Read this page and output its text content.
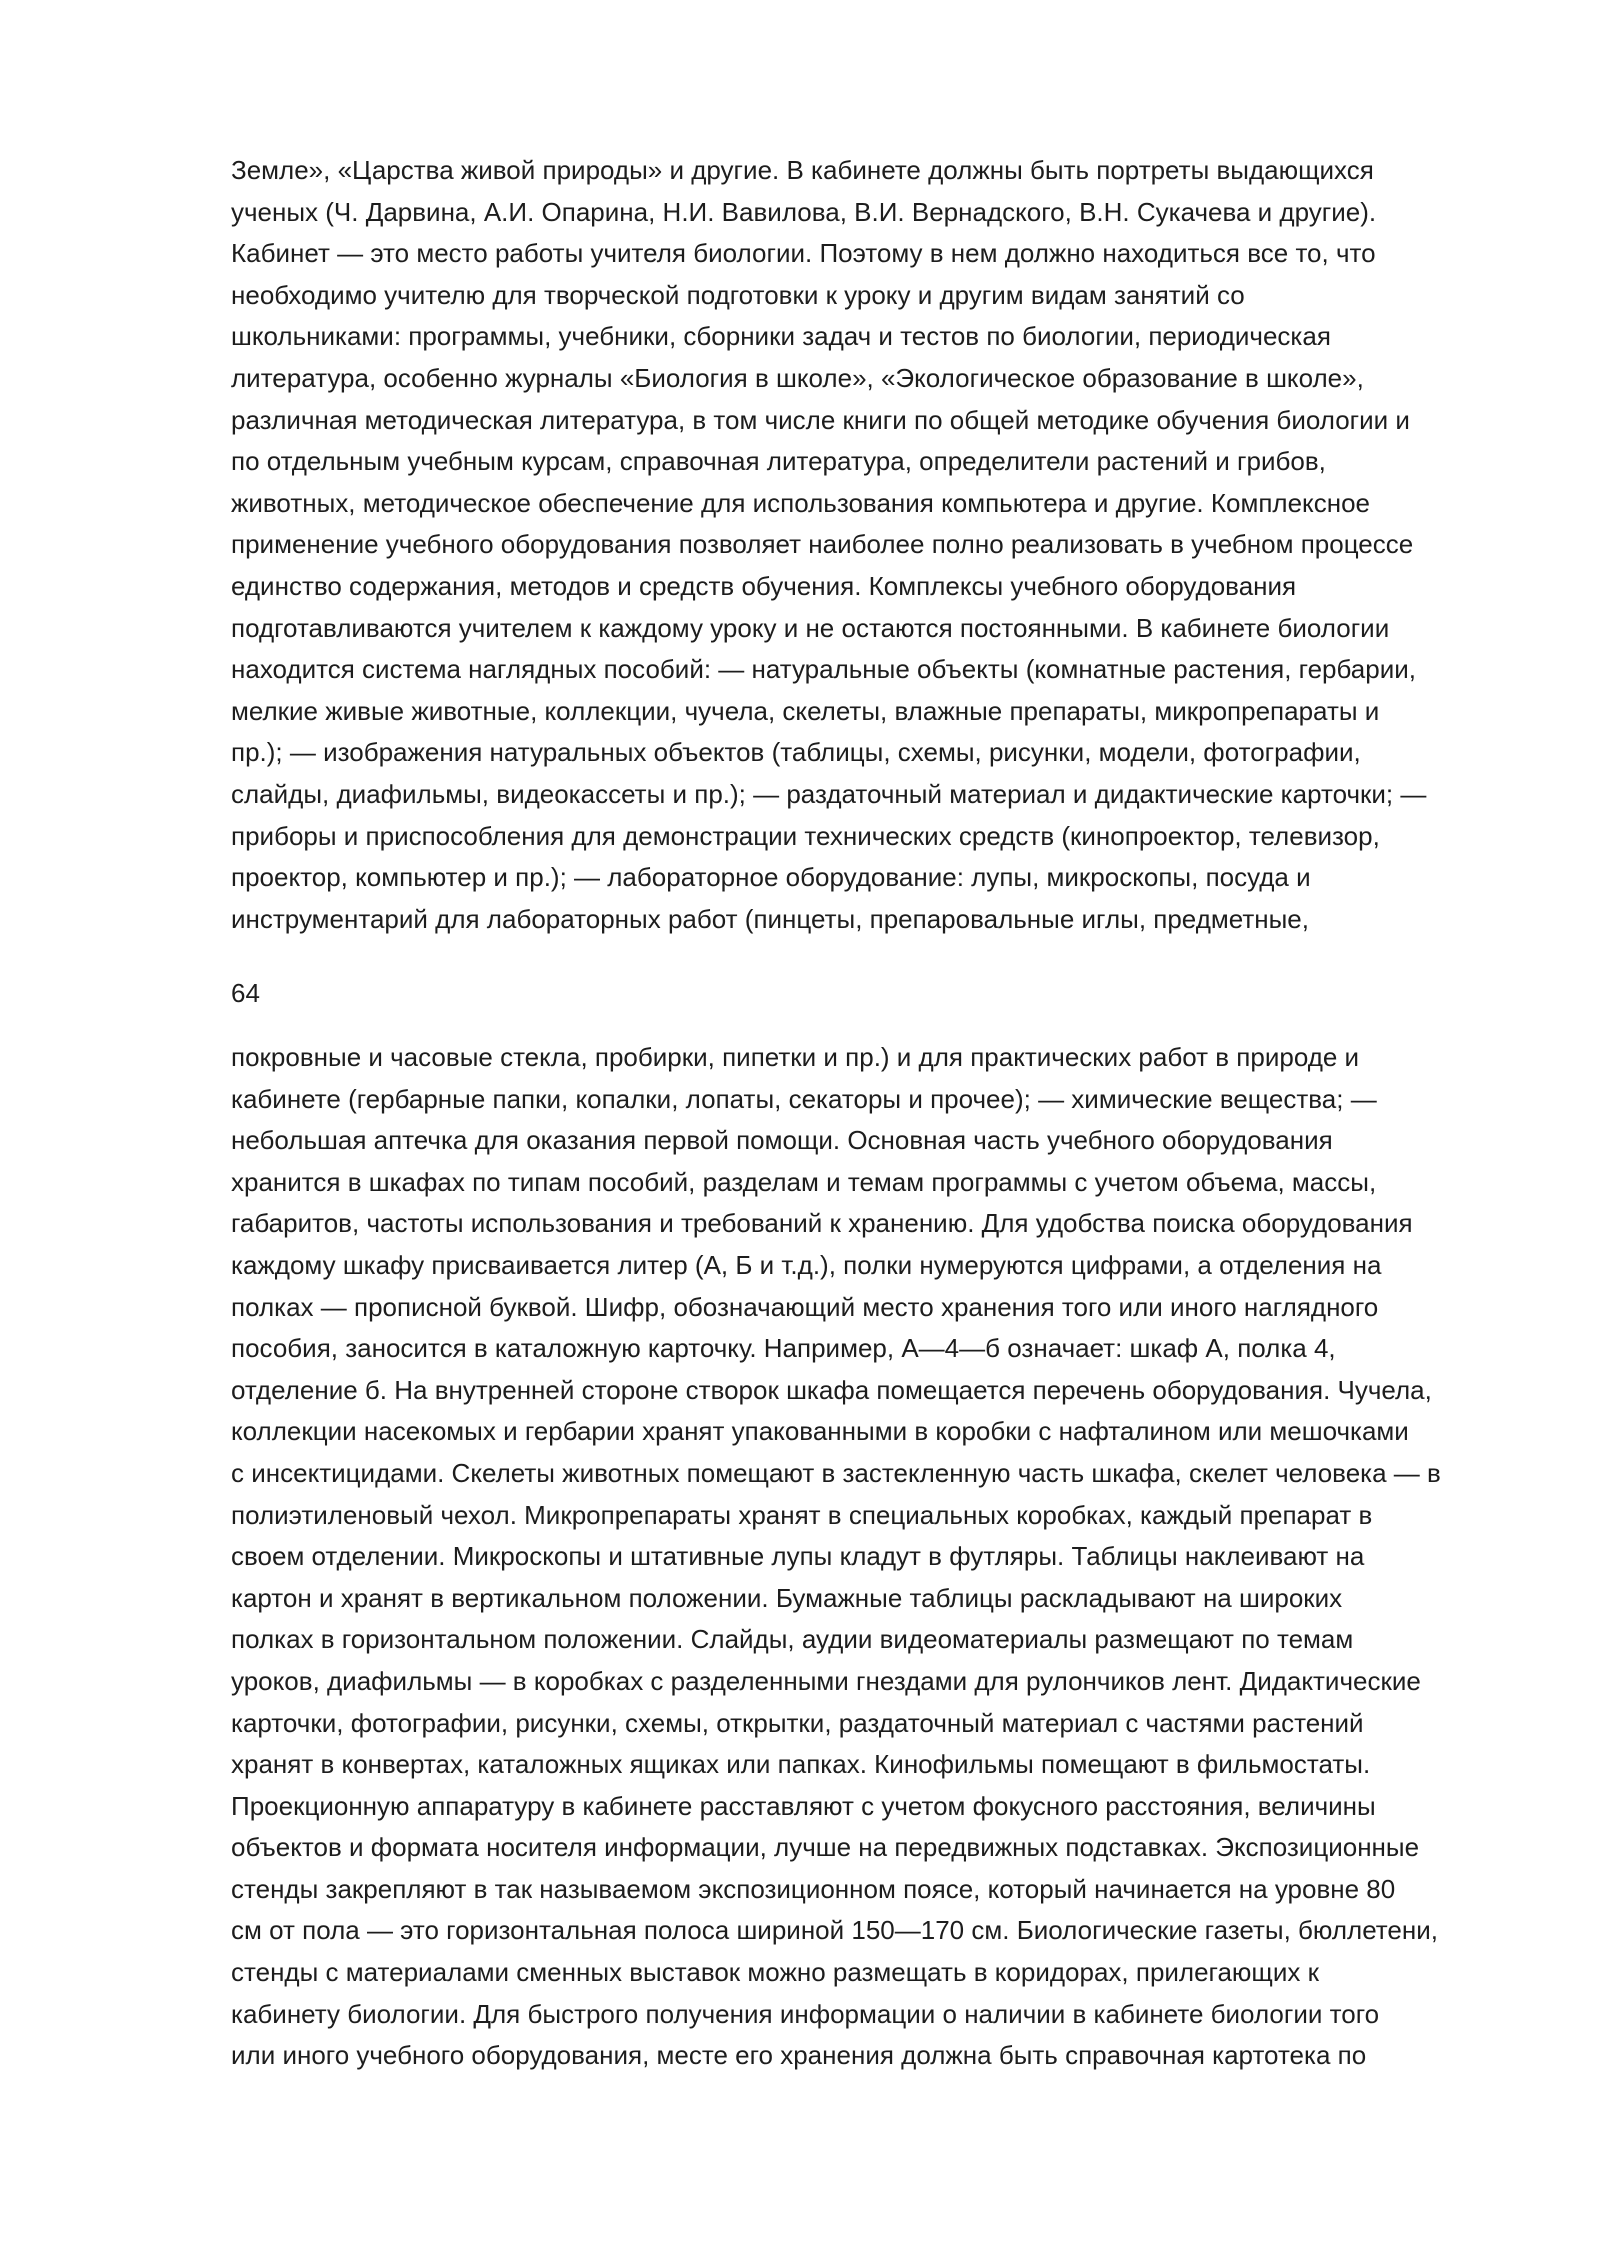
Земле», «Царства живой природы» и другие. В кабинете должны быть портреты выдающихся
ученых (Ч. Дарвина, А.И. Опарина, Н.И. Вавилова, В.И. Вернадского, В.Н. Сукачева и другие).
Кабинет — это место работы учителя биологии. Поэтому в нем должно находиться все то, что
необходимо учителю для творческой подготовки к уроку и другим видам занятий со
школьниками: программы, учебники, сборники задач и тестов по биологии, периодическая
литература, особенно журналы «Биология в школе», «Экологическое образование в школе»,
различная методическая литература, в том числе книги по общей методике обучения биологии и
по отдельным учебным курсам, справочная литература, определители растений и грибов,
животных, методическое обеспечение для использования компьютера и другие. Комплексное
применение учебного оборудования позволяет наиболее полно реализовать в учебном процессе
единство содержания, методов и средств обучения. Комплексы учебного оборудования
подготавливаются учителем к каждому уроку и не остаются постоянными. В кабинете биологии
находится система наглядных пособий: — натуральные объекты (комнатные растения, гербарии,
мелкие живые животные, коллекции, чучела, скелеты, влажные препараты, микропрепараты и
пр.); — изображения натуральных объектов (таблицы, схемы, рисунки, модели, фотографии,
слайды, диафильмы, видеокассеты и пр.); — раздаточный материал и дидактические карточки; —
приборы и приспособления для демонстрации технических средств (кинопроектор, телевизор,
проектор, компьютер и пр.); — лабораторное оборудование: лупы, микроскопы, посуда и
инструментарий для лабораторных работ (пинцеты, препаровальные иглы, предметные,
64
покровные и часовые стекла, пробирки, пипетки и пр.) и для практических работ в природе и
кабинете (гербарные папки, копалки, лопаты, секаторы и прочее); — химические вещества; —
небольшая аптечка для оказания первой помощи. Основная часть учебного оборудования
хранится в шкафах по типам пособий, разделам и темам программы с учетом объема, массы,
габаритов, частоты использования и требований к хранению. Для удобства поиска оборудования
каждому шкафу присваивается литер (А, Б и т.д.), полки нумеруются цифрами, а отделения на
полках — прописной буквой. Шифр, обозначающий место хранения того или иного наглядного
пособия, заносится в каталожную карточку. Например, А—4—б означает: шкаф А, полка 4,
отделение б. На внутренней стороне створок шкафа помещается перечень оборудования. Чучела,
коллекции насекомых и гербарии хранят упакованными в коробки с нафталином или мешочками
с инсектицидами. Скелеты животных помещают в застекленную часть шкафа, скелет человека — в
полиэтиленовый чехол. Микропрепараты хранят в специальных коробках, каждый препарат в
своем отделении. Микроскопы и штативные лупы кладут в футляры. Таблицы наклеивают на
картон и хранят в вертикальном положении. Бумажные таблицы раскладывают на широких
полках в горизонтальном положении. Слайды, аудии видеоматериалы размещают по темам
уроков, диафильмы — в коробках с разделенными гнездами для рулончиков лент. Дидактические
карточки, фотографии, рисунки, схемы, открытки, раздаточный материал с частями растений
хранят в конвертах, каталожных ящиках или папках. Кинофильмы помещают в фильмостаты.
Проекционную аппаратуру в кабинете расставляют с учетом фокусного расстояния, величины
объектов и формата носителя информации, лучше на передвижных подставках. Экспозиционные
стенды закрепляют в так называемом экспозиционном поясе, который начинается на уровне 80
см от пола — это горизонтальная полоса шириной 150—170 см. Биологические газеты, бюллетени,
стенды с материалами сменных выставок можно размещать в коридорах, прилегающих к
кабинету биологии. Для быстрого получения информации о наличии в кабинете биологии того
или иного учебного оборудования, месте его хранения должна быть справочная картотека по
